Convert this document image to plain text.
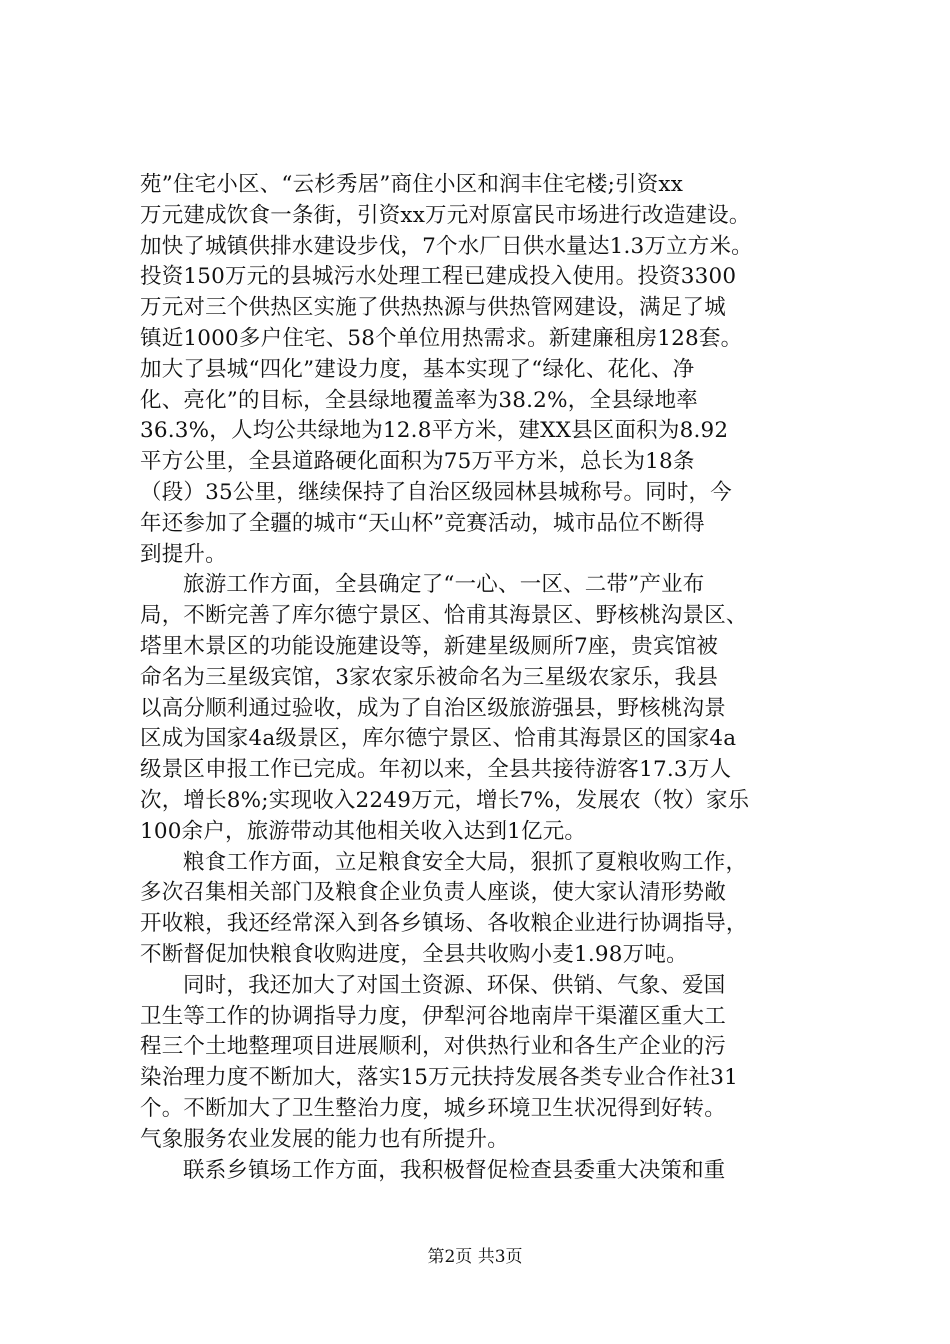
苑”住宅小区、“云杉秀居”商住小区和润丰住宅楼;引资xx
万元建成饮食一条街，引资xx万元对原富民市场进行改造建设。
加快了城镇供排水建设步伐，7个水厂日供水量达1.3万立方米。
投资150万元的县城污水处理工程已建成投入使用。投资3300
万元对三个供热区实施了供热热源与供热管网建设，满足了城
镇近1000多户住宅、58个单位用热需求。新建廉租房128套。
加大了县城“四化”建设力度，基本实现了“绿化、花化、净
化、亮化”的目标，全县绿地覆盖率为38.2%，全县绿地率
36.3%，人均公共绿地为12.8平方米，建XX县区面积为8.92
平方公里，全县道路硬化面积为75万平方米，总长为18条
（段）35公里，继续保持了自治区级园林县城称号。同时，今
年还参加了全疆的城市“天山杯”竞赛活动，城市品位不断得
到提升。
旅游工作方面，全县确定了“一心、一区、二带”产业布
局，不断完善了库尔德宁景区、恰甫其海景区、野核桃沟景区、
塔里木景区的功能设施建设等，新建星级厕所7座，贵宾馆被
命名为三星级宾馆，3家农家乐被命名为三星级农家乐，我县
以高分顺利通过验收，成为了自治区级旅游强县，野核桃沟景
区成为国家4a级景区，库尔德宁景区、恰甫其海景区的国家4a
级景区申报工作已完成。年初以来，全县共接待游客17.3万人
次，增长8%;实现收入2249万元，增长7%，发展农（牧）家乐
100余户，旅游带动其他相关收入达到1亿元。
粮食工作方面，立足粮食安全大局，狠抓了夏粮收购工作，
多次召集相关部门及粮食企业负责人座谈，使大家认清形势敞
开收粮，我还经常深入到各乡镇场、各收粮企业进行协调指导，
不断督促加快粮食收购进度，全县共收购小麦1.98万吨。
同时，我还加大了对国土资源、环保、供销、气象、爱国
卫生等工作的协调指导力度，伊犁河谷地南岸干渠灌区重大工
程三个土地整理项目进展顺利，对供热行业和各生产企业的污
染治理力度不断加大，落实15万元扶持发展各类专业合作社31
个。不断加大了卫生整治力度，城乡环境卫生状况得到好转。
气象服务农业发展的能力也有所提升。
联系乡镇场工作方面，我积极督促检查县委重大决策和重
第2页 共3页
